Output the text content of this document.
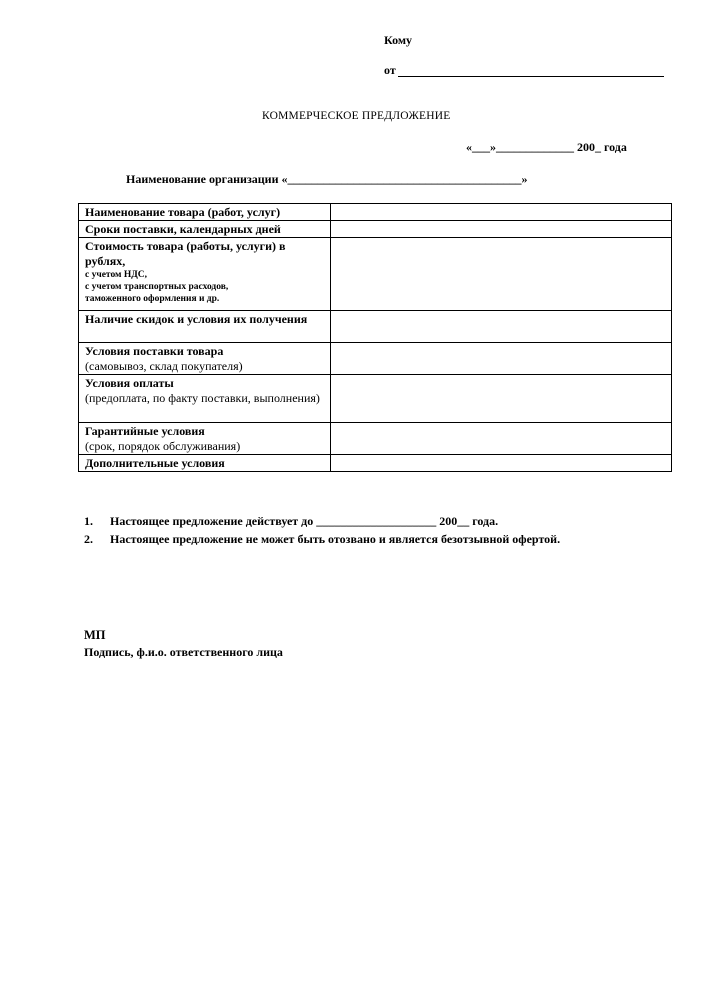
Кому
от
КОММЕРЧЕСКОЕ ПРЕДЛОЖЕНИЕ
«___»_____________ 200_ года
Наименование организации «_______________________________________»
Наименование товара (работ, услуг)	

Сроки поставки, календарных дней	

Стоимость товара (работы, услуги) в рублях,
с учетом НДС,
с учетом транспортных расходов,
таможенного оформления и др.	

Наличие скидок и условия их получения	

Условия поставки товара
(самовывоз, склад покупателя)	

Условия оплаты
(предоплата, по факту поставки, выполнения)	

Гарантийные условия
(срок, порядок обслуживания)	

Дополнительные условия	

1. Настоящее предложение действует до ____________________ 200__ года.
2. Настоящее предложение не может быть отозвано и является безотзывной офертой.
МП
Подпись, ф.и.о. ответственного лица
